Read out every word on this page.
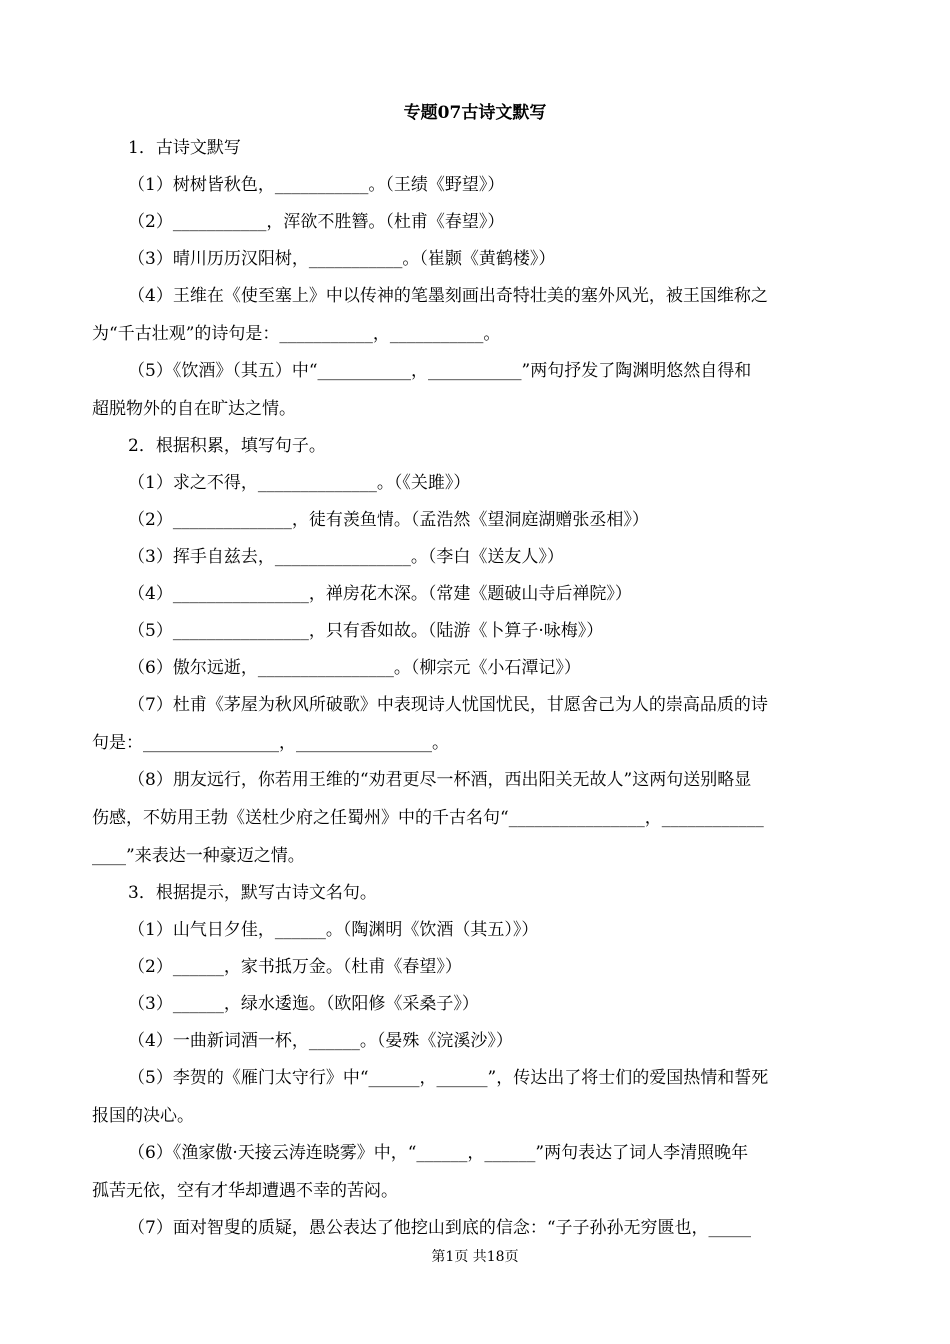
专题07古诗文默写
1．古诗文默写
（1）树树皆秋色，___________。（王绩《野望》）
（2）___________，浑欲不胜簪。（杜甫《春望》）
（3）晴川历历汉阳树，___________。（崔颢《黄鹤楼》）
（4）王维在《使至塞上》中以传神的笔墨刻画出奇特壮美的塞外风光，被王国维称之
为“千古壮观”的诗句是：___________，___________。
（5）《饮酒》（其五）中“___________，___________”两句抒发了陶渊明悠然自得和
超脱物外的自在旷达之情。
2．根据积累，填写句子。
（1）求之不得，______________。（《关雎》）
（2）______________，徒有羡鱼情。（孟浩然《望洞庭湖赠张丞相》）
（3）挥手自兹去，________________。（李白《送友人》）
（4）________________，禅房花木深。（常建《题破山寺后禅院》）
（5）________________，只有香如故。（陆游《卜算子·咏梅》）
（6）傲尔远逝，________________。（柳宗元《小石潭记》）
（7）杜甫《茅屋为秋风所破歌》中表现诗人忧国忧民，甘愿舍己为人的崇高品质的诗
句是：________________，________________。
（8）朋友远行，你若用王维的“劝君更尽一杯酒，西出阳关无故人”这两句送别略显
伤感，不妨用王勃《送杜少府之任蜀州》中的千古名句“________________，____________
____”来表达一种豪迈之情。
3．根据提示，默写古诗文名句。
（1）山气日夕佳，______。（陶渊明《饮酒（其五）》）
（2）______，家书抵万金。（杜甫《春望》）
（3）______，绿水逶迤。（欧阳修《采桑子》）
（4）一曲新词酒一杯，______。（晏殊《浣溪沙》）
（5）李贺的《雁门太守行》中“______，______”，传达出了将士们的爱国热情和誓死
报国的决心。
（6）《渔家傲·天接云涛连晓雾》中，“______，______”两句表达了词人李清照晚年
孤苦无依，空有才华却遭遇不幸的苦闷。
（7）面对智叟的质疑，愚公表达了他挖山到底的信念：“子子孙孙无穷匮也，_____
第1页 共18页
